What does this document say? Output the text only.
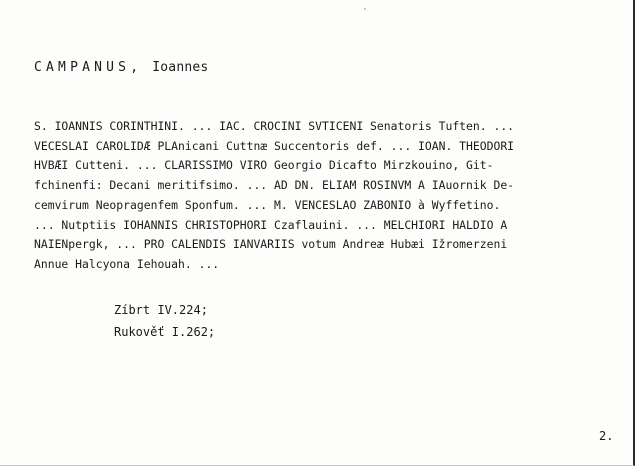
CAMPANUS, Ioannes
S. IOANNIS CORINTHINI. ... IAC. CROCINI SVTICENI Senatoris Tuften. ...
VECESLAI CAROLIDÆ PLAnicani Cuttnæ Succentoris def. ... IOAN. THEODORI
HVBÆI Cutteni. ... CLARISSIMO VIRO Georgio Dicafto Mirzkouino, Git-
fchinenfi: Decani meritifsimo. ... AD DN. ELIAM ROSINVM A IAuornik De-
cemvirum Neopragenfem Sponfum. ... M. VENCESLAO ZABONIO à Wyffetino.
... Nutptiis IOHANNIS CHRISTOPHORI Czaflauini. ... MELCHIORI HALDIO A
NAIENpergk, ... PRO CALENDIS IANVARIIS votum Andreæ Hubæi Ižromerzeni
Annue Halcyona Iehouah. ...
Zíbrt IV.224;
Rukověť I.262;
2.
